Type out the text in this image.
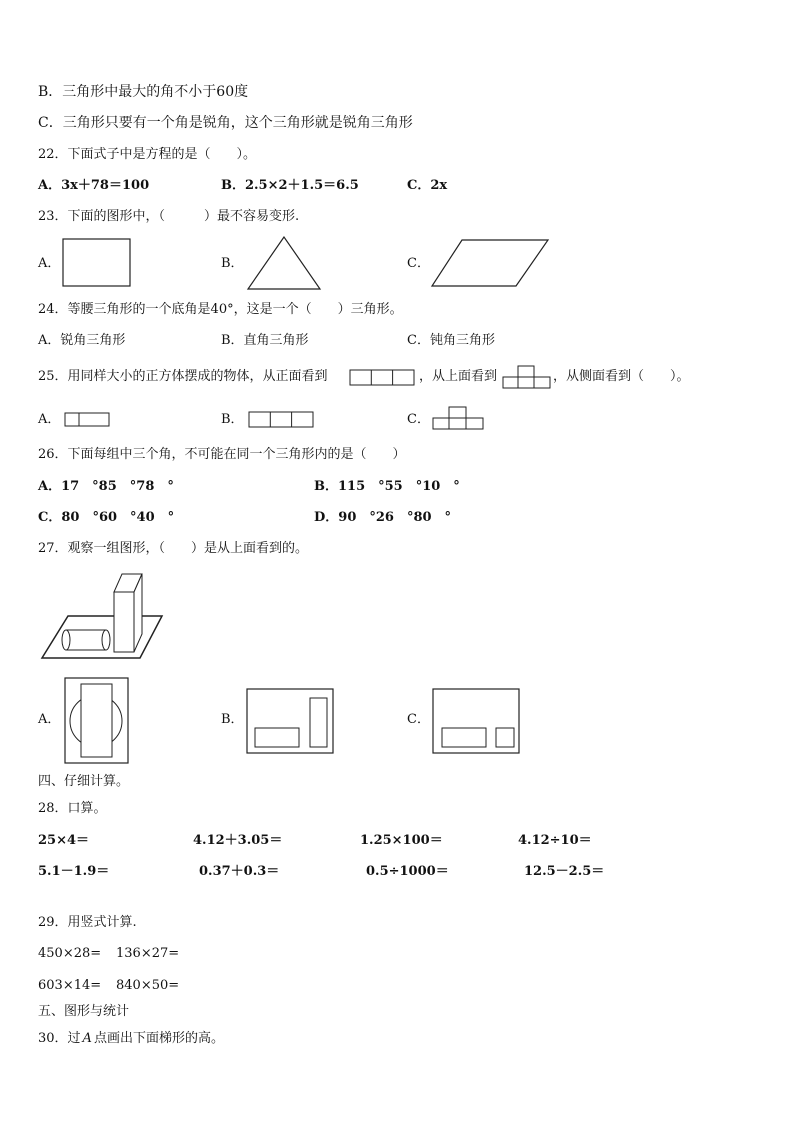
B．三角形中最大的角不小于60度
C．三角形只要有一个角是锐角，这个三角形就是锐角三角形
22．下面式子中是方程的是（　　）。
A．3x＋78＝100	B．2.5×2＋1.5＝6.5	C．2x
23．下面的图形中，（　　　）最不容易变形.
A．	B．	C．
24．等腰三角形的一个底角是40°，这是一个（　　）三角形。
A．锐角三角形	B．直角三角形	C．钝角三角形
25．用同样大小的正方体摆成的物体，从正面看到	，从上面看到	，从侧面看到（　　）。
A．	B．	C．
26．下面每组中三个角，不可能在同一个三角形内的是（　　）
A．17　°85　°78　°	B．115　°55　°10　°
C．80　°60　°40　°	D．90　°26　°80　°
27．观察一组图形，（　　）是从上面看到的。
A．	B．	C．
四、仔细计算。
28．口算。
25×4＝	4.12＋3.05＝	1.25×100＝	4.12÷10＝
5.1－1.9＝	0.37＋0.3＝	0.5÷1000＝	12.5－2.5＝
29．用竖式计算.
450×28= 136×27=
603×14= 840×50=
五、图形与统计
30．过 A 点画出下面梯形的高。
